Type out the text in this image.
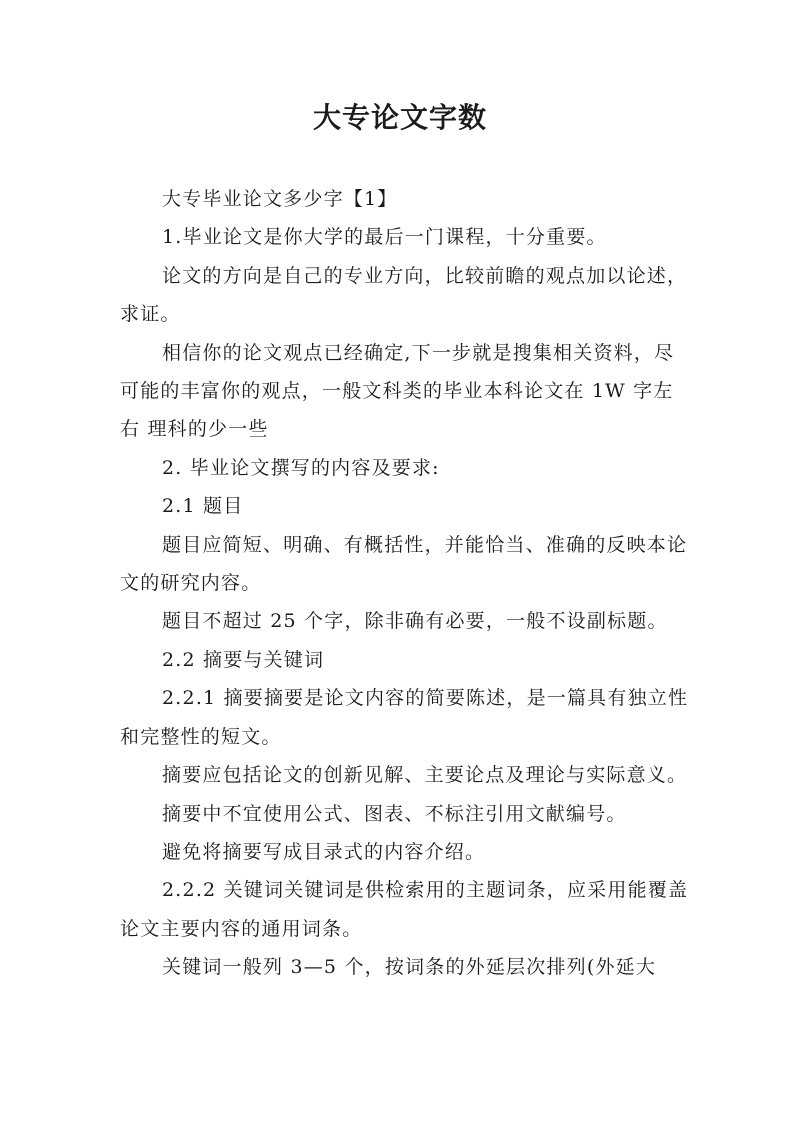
大专论文字数

大专毕业论文多少字【1】

1.毕业论文是你大学的最后一门课程，十分重要。

论文的方向是自己的专业方向，比较前瞻的观点加以论述，求证。

相信你的论文观点已经确定,下一步就是搜集相关资料，尽可能的丰富你的观点，一般文科类的毕业本科论文在 1W 字左右 理科的少一些

2. 毕业论文撰写的内容及要求:

2.1 题目

题目应简短、明确、有概括性，并能恰当、准确的反映本论文的研究内容。

题目不超过 25 个字，除非确有必要，一般不设副标题。

2.2 摘要与关键词

2.2.1 摘要摘要是论文内容的简要陈述，是一篇具有独立性和完整性的短文。

摘要应包括论文的创新见解、主要论点及理论与实际意义。

摘要中不宜使用公式、图表、不标注引用文献编号。

避免将摘要写成目录式的内容介绍。

2.2.2 关键词关键词是供检索用的主题词条，应采用能覆盖论文主要内容的通用词条。

关键词一般列 3—5 个，按词条的外延层次排列(外延大
